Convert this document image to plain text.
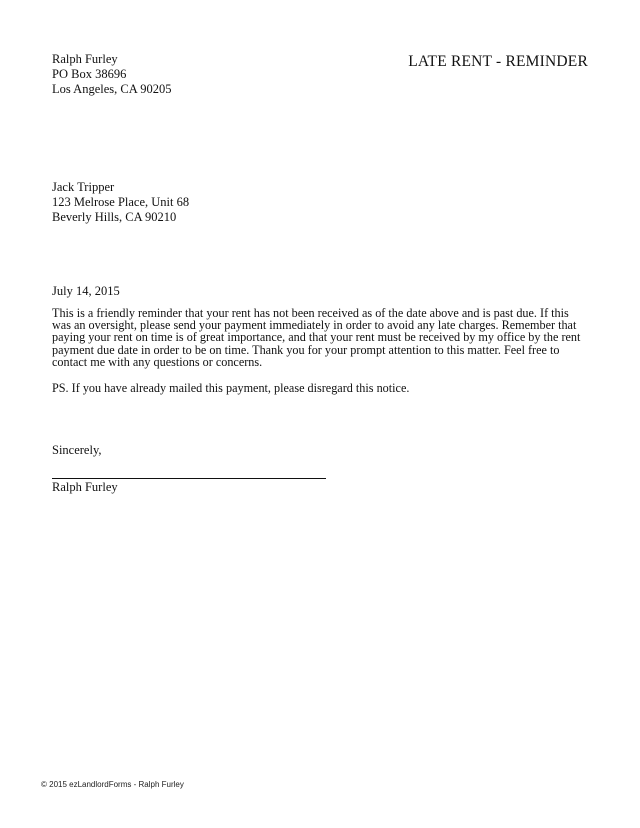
Ralph Furley
PO Box 38696
Los Angeles, CA 90205
LATE RENT - REMINDER
Jack Tripper
123 Melrose Place, Unit 68
Beverly Hills, CA 90210
July 14, 2015
This is a friendly reminder that your rent has not been received as of the date above and is past due. If this
was an oversight, please send your payment immediately in order to avoid any late charges. Remember that
paying your rent on time is of great importance, and that your rent must be received by my office by the rent
payment due date in order to be on time. Thank you for your prompt attention to this matter. Feel free to
contact me with any questions or concerns.
PS. If you have already mailed this payment, please disregard this notice.
Sincerely,
Ralph Furley
© 2015 ezLandlordForms - Ralph Furley
